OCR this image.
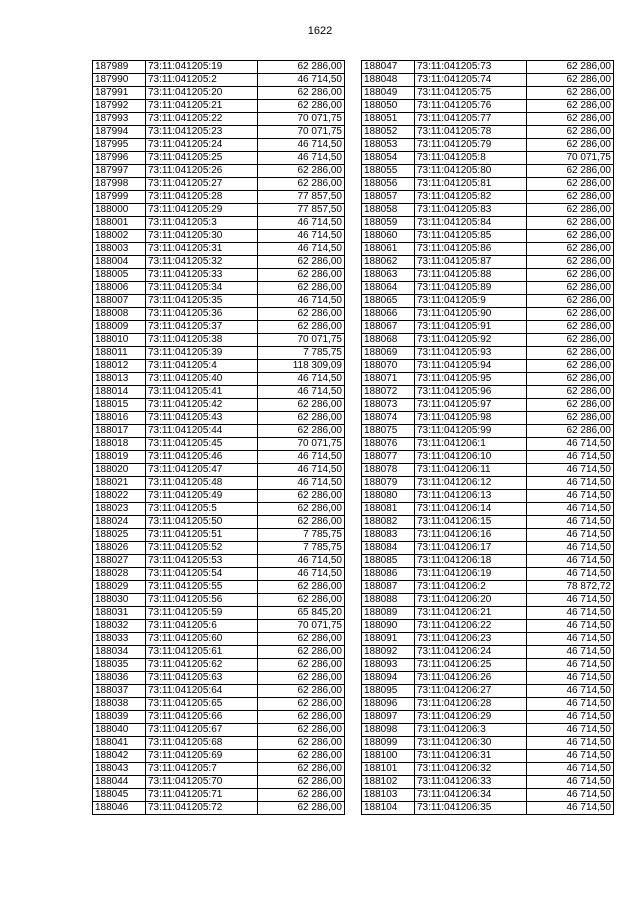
1622
187989	73:11:041205:19	62 286,00
187990	73:11:041205:2	46 714,50
187991	73:11:041205:20	62 286,00
187992	73:11:041205:21	62 286,00
187993	73:11:041205:22	70 071,75
187994	73:11:041205:23	70 071,75
187995	73:11:041205:24	46 714,50
187996	73:11:041205:25	46 714,50
187997	73:11:041205:26	62 286,00
187998	73:11:041205:27	62 286,00
187999	73:11:041205:28	77 857,50
188000	73:11:041205:29	77 857,50
188001	73:11:041205:3	46 714,50
188002	73:11:041205:30	46 714,50
188003	73:11:041205:31	46 714,50
188004	73:11:041205:32	62 286,00
188005	73:11:041205:33	62 286,00
188006	73:11:041205:34	62 286,00
188007	73:11:041205:35	46 714,50
188008	73:11:041205:36	62 286,00
188009	73:11:041205:37	62 286,00
188010	73:11:041205:38	70 071,75
188011	73:11:041205:39	7 785,75
188012	73:11:041205:4	118 309,09
188013	73:11:041205:40	46 714,50
188014	73:11:041205:41	46 714,50
188015	73:11:041205:42	62 286,00
188016	73:11:041205:43	62 286,00
188017	73:11:041205:44	62 286,00
188018	73:11:041205:45	70 071,75
188019	73:11:041205:46	46 714,50
188020	73:11:041205:47	46 714,50
188021	73:11:041205:48	46 714,50
188022	73:11:041205:49	62 286,00
188023	73:11:041205:5	62 286,00
188024	73:11:041205:50	62 286,00
188025	73:11:041205:51	7 785,75
188026	73:11:041205:52	7 785,75
188027	73:11:041205:53	46 714,50
188028	73:11:041205:54	46 714,50
188029	73:11:041205:55	62 286,00
188030	73:11:041205:56	62 286,00
188031	73:11:041205:59	65 845,20
188032	73:11:041205:6	70 071,75
188033	73:11:041205:60	62 286,00
188034	73:11:041205:61	62 286,00
188035	73:11:041205:62	62 286,00
188036	73:11:041205:63	62 286,00
188037	73:11:041205:64	62 286,00
188038	73:11:041205:65	62 286,00
188039	73:11:041205:66	62 286,00
188040	73:11:041205:67	62 286,00
188041	73:11:041205:68	62 286,00
188042	73:11:041205:69	62 286,00
188043	73:11:041205:7	62 286,00
188044	73:11:041205:70	62 286,00
188045	73:11:041205:71	62 286,00
188046	73:11:041205:72	62 286,00
188047	73:11:041205:73	62 286,00
188048	73:11:041205:74	62 286,00
188049	73:11:041205:75	62 286,00
188050	73:11:041205:76	62 286,00
188051	73:11:041205:77	62 286,00
188052	73:11:041205:78	62 286,00
188053	73:11:041205:79	62 286,00
188054	73:11:041205:8	70 071,75
188055	73:11:041205:80	62 286,00
188056	73:11:041205:81	62 286,00
188057	73:11:041205:82	62 286,00
188058	73:11:041205:83	62 286,00
188059	73:11:041205:84	62 286,00
188060	73:11:041205:85	62 286,00
188061	73:11:041205:86	62 286,00
188062	73:11:041205:87	62 286,00
188063	73:11:041205:88	62 286,00
188064	73:11:041205:89	62 286,00
188065	73:11:041205:9	62 286,00
188066	73:11:041205:90	62 286,00
188067	73:11:041205:91	62 286,00
188068	73:11:041205:92	62 286,00
188069	73:11:041205:93	62 286,00
188070	73:11:041205:94	62 286,00
188071	73:11:041205:95	62 286,00
188072	73:11:041205:96	62 286,00
188073	73:11:041205:97	62 286,00
188074	73:11:041205:98	62 286,00
188075	73:11:041205:99	62 286,00
188076	73:11:041206:1	46 714,50
188077	73:11:041206:10	46 714,50
188078	73:11:041206:11	46 714,50
188079	73:11:041206:12	46 714,50
188080	73:11:041206:13	46 714,50
188081	73:11:041206:14	46 714,50
188082	73:11:041206:15	46 714,50
188083	73:11:041206:16	46 714,50
188084	73:11:041206:17	46 714,50
188085	73:11:041206:18	46 714,50
188086	73:11:041206:19	46 714,50
188087	73:11:041206:2	78 872,72
188088	73:11:041206:20	46 714,50
188089	73:11:041206:21	46 714,50
188090	73:11:041206:22	46 714,50
188091	73:11:041206:23	46 714,50
188092	73:11:041206:24	46 714,50
188093	73:11:041206:25	46 714,50
188094	73:11:041206:26	46 714,50
188095	73:11:041206:27	46 714,50
188096	73:11:041206:28	46 714,50
188097	73:11:041206:29	46 714,50
188098	73:11:041206:3	46 714,50
188099	73:11:041206:30	46 714,50
188100	73:11:041206:31	46 714,50
188101	73:11:041206:32	46 714,50
188102	73:11:041206:33	46 714,50
188103	73:11:041206:34	46 714,50
188104	73:11:041206:35	46 714,50
